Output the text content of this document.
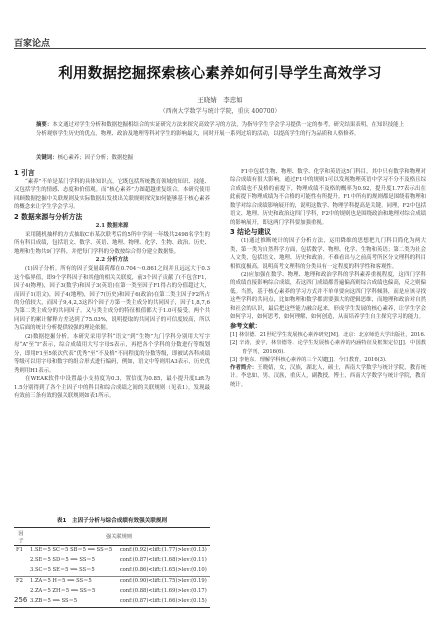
百家论点
利用数据挖掘探索核心素养如何引导学生高效学习
王晓婧　李忠如
（西南大学数学与统计学院，重庆 400700）
摘要：本文通过对学生分析和数据挖掘相结合的实证研究方法来探究高效学习的方法，为指导学生学会学习提供一定的参考，研究结果表明，在知识技能上分析观察学生历史的优点，物理、政治及地理等科对学生的影响最大，同时开展一系列过培的活动，以提高学生的行为品质和人格修养。
关键词：核心素养；因子分析；数据挖掘
1 引言
“素养”不单是某门学科的具体知识点，它既包括所统教育领域的知识、技能、又包括学生的情感、态度和价值观。而“核心素养”力图超越重复组合。本研究使用回顾数据挖掘中关联规则及实际数据出发找出关联规则探究如何能够基于核心素养的概念来让学生学会学习。
2 数据来源与分析方法
2.1 数据来源
采用随机抽样的方式抽取C市某次联考后的5所中学同一年级共2498名学生的所有科目成绩，包括语文、数学、英语、地理、物理、化学、生物、政治、历史、地理和生物共9门学科，并把每门学科的分数按综合得分建立数据集。
2.2 分析方法
(1)因子分析。所有的因子变量载荷都在0.704～0.861之间并且远远大于0.3这个临界值，即9个学科因子和其他的相关关联度，前3个因子贡献了(不包含F1，因子4(物理)，因子3(数学)和因子3(英语)在第一类至因子F1得占的分值超过大，而因子1(语文)，因子4(地理)，因子7(历史)和因子6(政治)在第二类主因子F2所占的分值较大，而因子9,4,2,3这四个因子方第一类主成分的共同因子，因子1,8,7,6为第二类主成分的共同因子。又与类主成分的特征根值都大于1.0可接受，两个共同因子的累计解释方差达到了75.03%，说明提取的共同因子的可信度较高，所以为后面的统计分析提供较强的理论依据。
(2)数据挖掘分析。本研究采用学科“语文”到“生物”九门学科分别用大写字母“A”至“I”表示，综合成绩用大写字母S表示，再把各个学科的分数进行等级划分，即用F1至5依次代表“优秀”至“不及格”不同程度的分数等级，即被试各科成绩等级可以用字母和数字的组合形式进行编码，例如，语文中等则用A3表示，历史优秀则用H1表示。
在WEAK软件中设置最小支持度为0.3，置信度为0.85，最小提升度Lift为1.5分别得到了各个主因子中的科目和综合成绩之间的关联规则（见表1），发现最有效前三条有效的强关联规则如表1所示。
表1　主因子分析与综合成绩有效强关联规则
因子	强关联规则	
F1	1.SE＝5 SC＝5 SB＝5 ⟹ SS＝5	conf:(0.92)<lift:(1.77)>lev:(0.13)
	2.SE＝5 SD＝5 ⟹ SS＝5	conf:(0.87)<lift:(1.68)>lev:(0.11)
	3.SC＝5 SE＝5 ⟹ SS＝5	conf:(0.86)<lift:(1.65)>lev:(0.10)
F2	1.ZA＝5 H＝5 ⟹ SS＝5	conf:(0.90)<lift:(1.75)>lev:(0.19)
	2.ZA＝5 ZH＝5 ⟹ SS＝5	conf:(0.88)<lift:(1.69)>lev:(0.17)
	3.ZB＝5 ⟹ SS＝5	conf:(0.87)<lift:(1.66)>lev:(0.15)
F1中包括生物、物理、数学、化学和英语这5门科目，其中只有数学和物理对综合成绩有很大影响，通过F1中的规则1可以发现物理英语中学习不分不及格且综合成绩也不及格的前提下，物理成绩不及格的概率为0.92，提升度1.77表示出在此前提下物理成绩为不合格的可能性有所提升。F1中所有的规则都是围绕着物理和数学对综合成绩影响展开的，说明这数学、物理学科提高是关键。同理，F2中包括语文、地理、历史和政治这四门学科，F2中的规则也是围绕政治和地理对综合成绩的影响展开，即这两门学科要加强重视。
3 结论与建议
(1)通过推断统计的因子分析方法，运用降维的思想把九门科目简化为两大类，第一类为自然科学方面，包括数学、物理、化学、生物和英语；第二类为社会人文类，包括语文、地理、历史和政治。不难看出与之前高考所区分文理科的科目相似度极高，说明高考文理科的分类具有一定程度的科学性和客观性。
(2)应加强在数学、物理、地理和政治学科的学科素养重视程度，这四门学科的成绩直接影响综合成绩，若这四门成绩都普遍偏高则综合成绩也偏高，反之则偏低。当然，基于核心素养的学习方式并不单单要向这四门学科倾斜，而是应该寻找这些学科的共同点，比如物理和数学都需要强大的逻辑思维，而地理和政治对自然和社会的认识，最后把这些能力融合起来，形成学生发展的核心素养，让学生学会如何学习，如何思考，如何理解，如何创造，从而培养学生自主探究学习的能力。
参考文献：
[1] 林崇德．21世纪学生发展核心素养研究[M]．北京：北京师范大学出版社，2016.
[2] 辛涛，姜宇，林崇德等．论学生发展核心素养的内涵特征及框架定位[J]．中国教育学刊，2016(6).
[3] 李艳东．理解学科核心素养的三个关键[J]．今日教育，2016(3).
作者简介：王晓婧，女，汉族，湖北人，硕士，西南大学数学与统计学院，教育统计。李忠如，男，汉族，重庆人，副教授，博士，西南大学数学与统计学院，教育统计。
256
